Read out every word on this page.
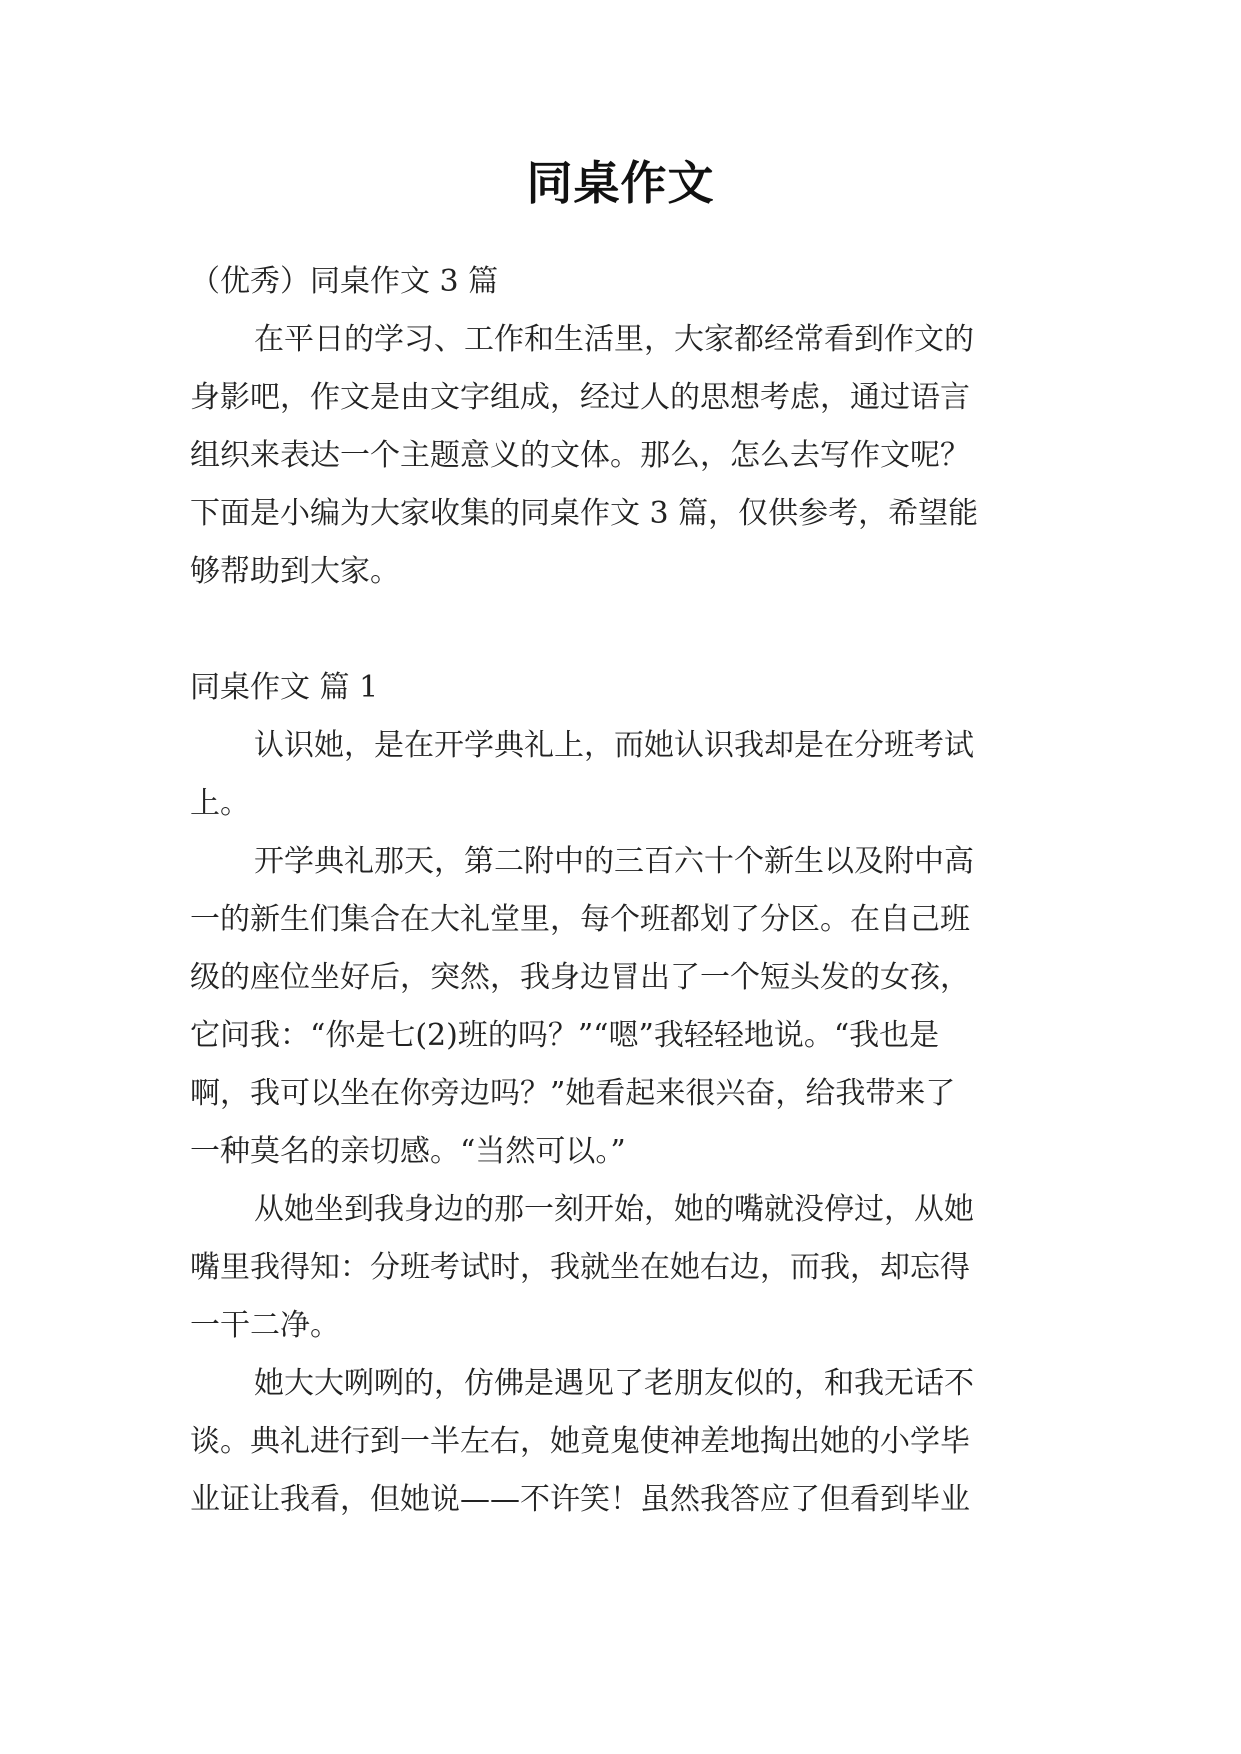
同桌作文
（优秀）同桌作文 3 篇
在平日的学习、工作和生活里，大家都经常看到作文的
身影吧，作文是由文字组成，经过人的思想考虑，通过语言
组织来表达一个主题意义的文体。那么，怎么去写作文呢？
下面是小编为大家收集的同桌作文 3 篇，仅供参考，希望能
够帮助到大家。
同桌作文 篇 1
认识她，是在开学典礼上，而她认识我却是在分班考试
上。
开学典礼那天，第二附中的三百六十个新生以及附中高
一的新生们集合在大礼堂里，每个班都划了分区。在自己班
级的座位坐好后，突然，我身边冒出了一个短头发的女孩，
它问我：“你是七(2)班的吗？”“嗯”我轻轻地说。“我也是
啊，我可以坐在你旁边吗？”她看起来很兴奋，给我带来了
一种莫名的亲切感。“当然可以。”
从她坐到我身边的那一刻开始，她的嘴就没停过，从她
嘴里我得知：分班考试时，我就坐在她右边，而我，却忘得
一干二净。
她大大咧咧的，仿佛是遇见了老朋友似的，和我无话不
谈。典礼进行到一半左右，她竟鬼使神差地掏出她的小学毕
业证让我看，但她说——不许笑！虽然我答应了但看到毕业
